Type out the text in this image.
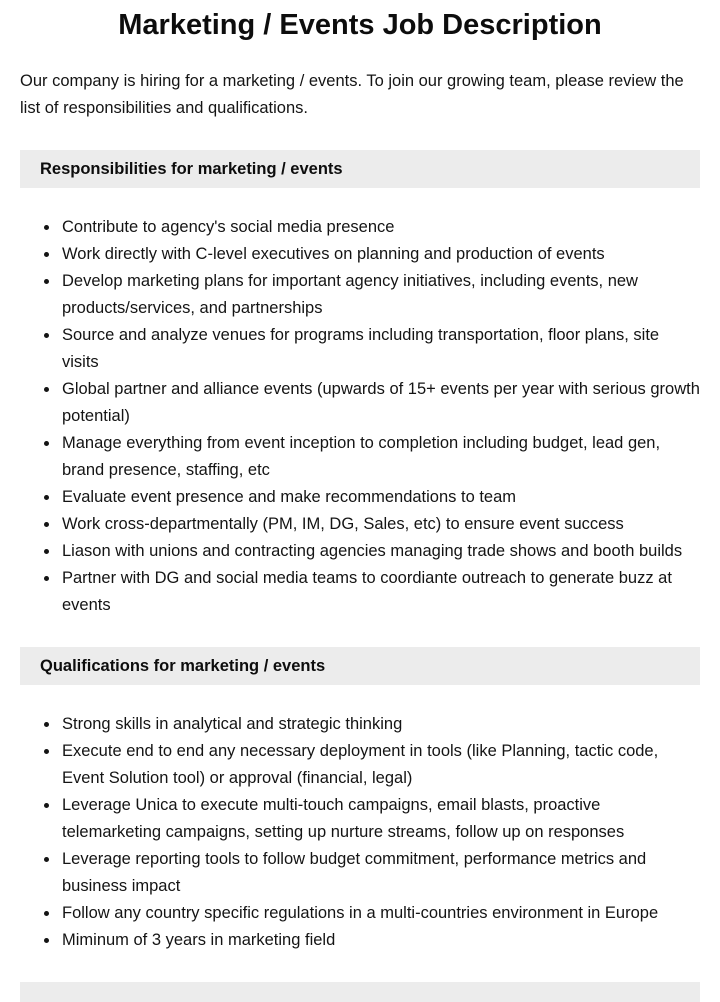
Marketing / Events Job Description

Our company is hiring for a marketing / events. To join our growing team, please review the list of responsibilities and qualifications.

Responsibilities for marketing / events
• Contribute to agency's social media presence
• Work directly with C-level executives on planning and production of events
• Develop marketing plans for important agency initiatives, including events, new products/services, and partnerships
• Source and analyze venues for programs including transportation, floor plans, site visits
• Global partner and alliance events (upwards of 15+ events per year with serious growth potential)
• Manage everything from event inception to completion including budget, lead gen, brand presence, staffing, etc
• Evaluate event presence and make recommendations to team
• Work cross-departmentally (PM, IM, DG, Sales, etc) to ensure event success
• Liason with unions and contracting agencies managing trade shows and booth builds
• Partner with DG and social media teams to coordiante outreach to generate buzz at events
Qualifications for marketing / events
• Strong skills in analytical and strategic thinking
• Execute end to end any necessary deployment in tools (like Planning, tactic code, Event Solution tool) or approval (financial, legal)
• Leverage Unica to execute multi-touch campaigns, email blasts, proactive telemarketing campaigns, setting up nurture streams, follow up on responses
• Leverage reporting tools to follow budget commitment, performance metrics and business impact
• Follow any country specific regulations in a multi-countries environment in Europe
• Miminum of 3 years in marketing field
